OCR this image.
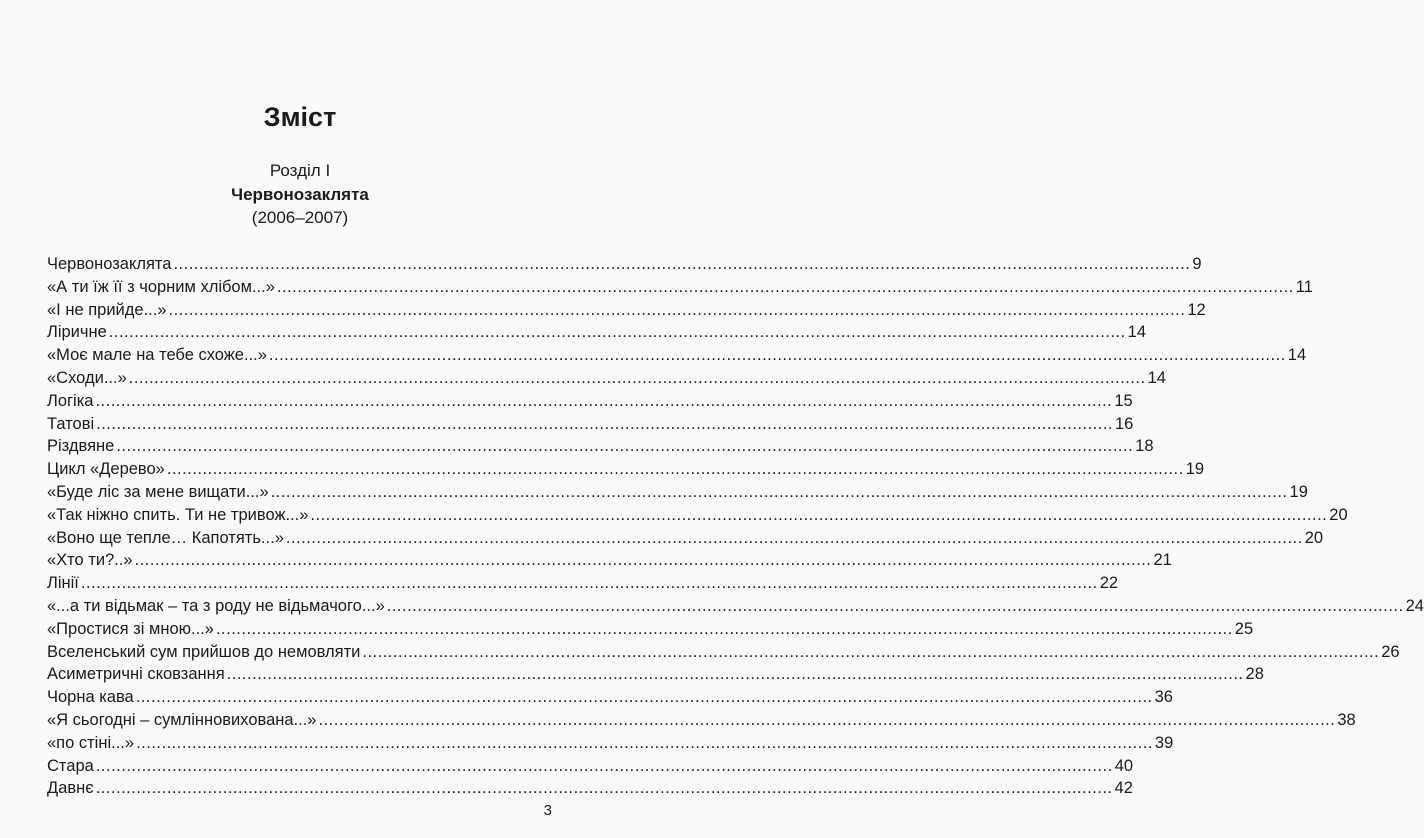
Зміст
Розділ І
Червонозаклята
(2006–2007)
Червонозаклята ........................................................................................................................................................................................................ 9
«А ти їж її з чорним хлібом...» ........................................................................................................................................................................................................ 11
«І не прийде...» ........................................................................................................................................................................................................ 12
Ліричне ........................................................................................................................................................................................................ 14
«Моє мале на тебе схоже...» ........................................................................................................................................................................................................ 14
«Сходи...» ........................................................................................................................................................................................................ 14
Логіка ........................................................................................................................................................................................................ 15
Татові ........................................................................................................................................................................................................ 16
Різдвяне ........................................................................................................................................................................................................ 18
Цикл «Дерево» ........................................................................................................................................................................................................ 19
«Буде ліс за мене вищати...» ........................................................................................................................................................................................................ 19
«Так ніжно спить. Ти не тривож...» ........................................................................................................................................................................................................ 20
«Воно ще тепле… Капотять...» ........................................................................................................................................................................................................ 20
«Хто ти?..» ........................................................................................................................................................................................................ 21
Лінії ........................................................................................................................................................................................................ 22
«...а ти відьмак – та з роду не відьмачого...» ........................................................................................................................................................................................................ 24
«Простися зі мною...» ........................................................................................................................................................................................................ 25
Вселенський сум прийшов до немовляти ........................................................................................................................................................................................................ 26
Асиметричні сковзання ........................................................................................................................................................................................................ 28
Чорна кава ........................................................................................................................................................................................................ 36
«Я сьогодні – сумлінновихована...» ........................................................................................................................................................................................................ 38
«по стіні...» ........................................................................................................................................................................................................ 39
Стара ........................................................................................................................................................................................................ 40
Давнє ........................................................................................................................................................................................................ 42
3
